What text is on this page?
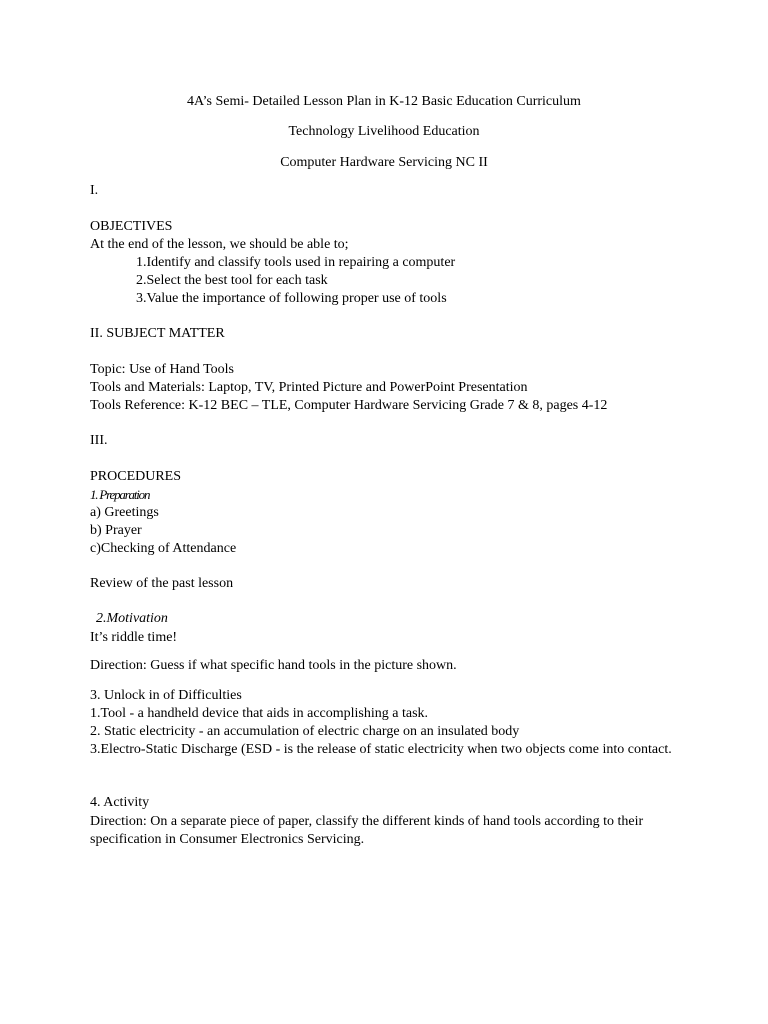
4A’s Semi- Detailed Lesson Plan in K-12 Basic Education Curriculum

Technology Livelihood Education

Computer Hardware Servicing NC II

I.

OBJECTIVES

At the end of the lesson, we should be able to;

1.Identify and classify tools used in repairing a computer

2.Select the best tool for each task

3.Value the importance of following proper use of tools

II. SUBJECT MATTER

Topic: Use of Hand Tools

Tools and Materials: Laptop, TV, Printed Picture and PowerPoint Presentation

Tools Reference: K-12 BEC – TLE, Computer Hardware Servicing Grade 7 & 8, pages 4-12

III.

PROCEDURES

1. Preparation

a) Greetings

b) Prayer

c)Checking of Attendance

Review of the past lesson

2.Motivation

It’s riddle time!

Direction: Guess if what specific hand tools in the picture shown.

3. Unlock in of Difficulties

1.Tool - a handheld device that aids in accomplishing a task.

2. Static electricity - an accumulation of electric charge on an insulated body

3.Electro-Static Discharge (ESD - is the release of static electricity when two objects come into contact.

4. Activity

Direction: On a separate piece of paper, classify the different kinds of hand tools according to their specification in Consumer Electronics Servicing.
